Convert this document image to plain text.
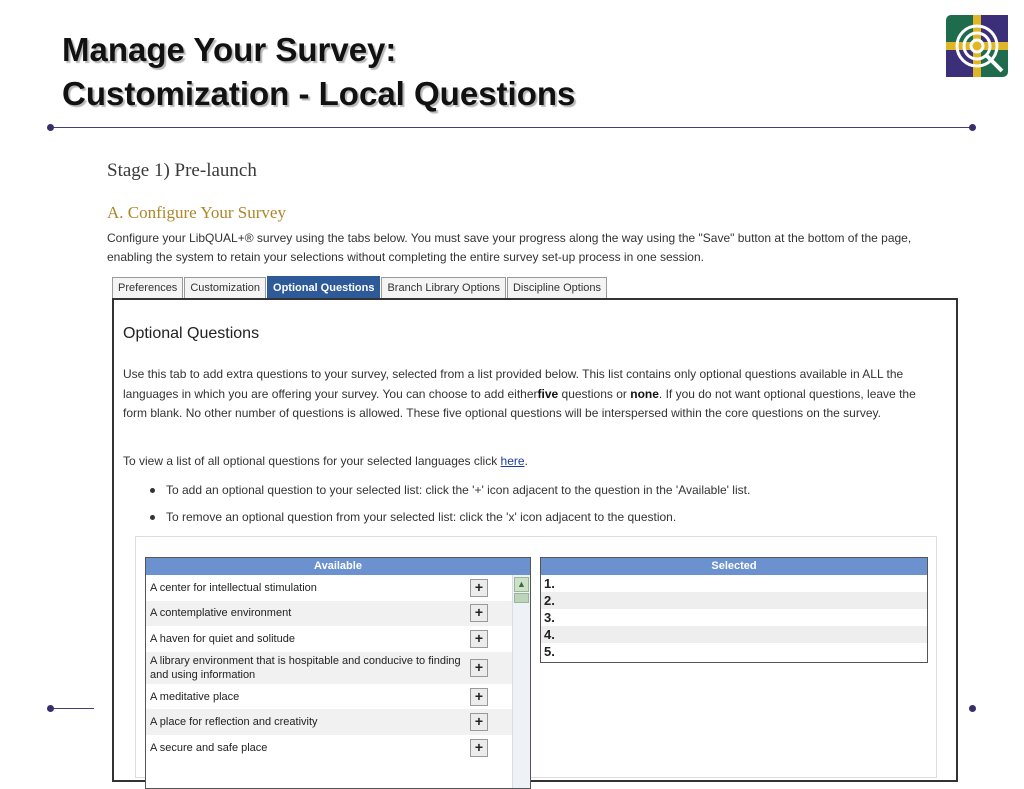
Manage Your Survey:
Customization - Local Questions
Stage 1) Pre-launch
A. Configure Your Survey

Configure your LibQUAL+® survey using the tabs below. You must save your progress along the way using the "Save" button at the bottom of the page, enabling the system to retain your selections without completing the entire survey set-up process in one session.

Preferences	Customization	Optional Questions	Branch Library Options	Discipline Options
Optional Questions

Use this tab to add extra questions to your survey, selected from a list provided below. This list contains only optional questions available in ALL the languages in which you are offering your survey. You can choose to add eitherfive questions or none. If you do not want optional questions, leave the form blank. No other number of questions is allowed. These five optional questions will be interspersed within the core questions on the survey.

To view a list of all optional questions for your selected languages click here.

To add an optional question to your selected list: click the '+' icon adjacent to the question in the 'Available' list.
To remove an optional question from your selected list: click the 'x' icon adjacent to the question.
Available
A center for intellectual stimulation	+
A contemplative environment	+
A haven for quiet and solitude	+
A library environment that is hospitable and conducive to finding and using information	+
A meditative place	+
A place for reflection and creativity	+
A secure and safe place	+
▲
Selected
1.
2.
3.
4.
5.
